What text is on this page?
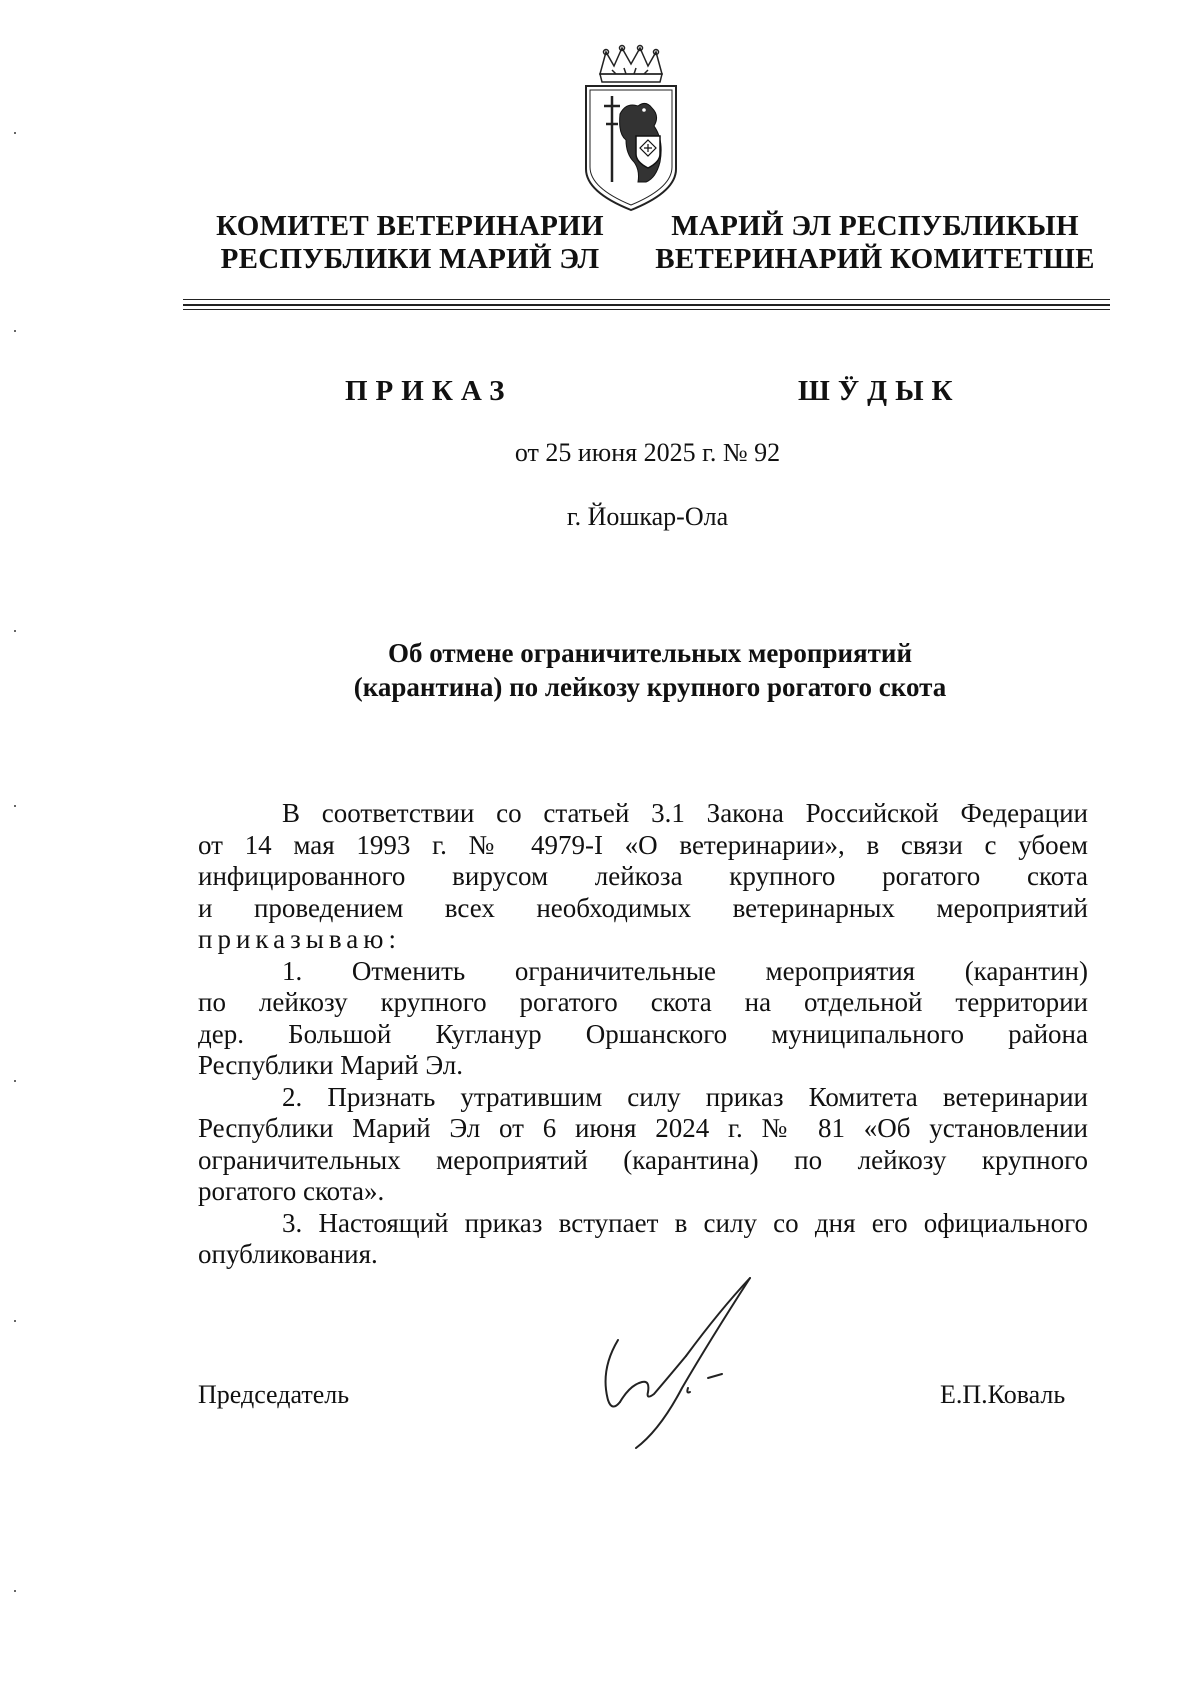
КОМИТЕТ ВЕТЕРИНАРИИ
РЕСПУБЛИКИ МАРИЙ ЭЛ
МАРИЙ ЭЛ РЕСПУБЛИКЫН
ВЕТЕРИНАРИЙ КОМИТЕТШЕ
ПРИКАЗ	ШӰДЫК
от 25 июня 2025 г. № 92
г. Йошкар-Ола
Об отмене ограничительных мероприятий
(карантина) по лейкозу крупного рогатого скота

В соответствии со статьей 3.1 Закона Российской Федерации

от 14 мая 1993 г. № 4979-I «О ветеринарии», в связи с убоем

инфицированного вирусом лейкоза крупного рогатого скота

и проведением всех необходимых ветеринарных мероприятий

приказываю:

1. Отменить ограничительные мероприятия (карантин)

по лейкозу крупного рогатого скота на отдельной территории

дер. Большой Кугланур Оршанского муниципального района

Республики Марий Эл.

2. Признать утратившим силу приказ Комитета ветеринарии

Республики Марий Эл от 6 июня 2024 г. № 81 «Об установлении

ограничительных мероприятий (карантина) по лейкозу крупного

рогатого скота».

3. Настоящий приказ вступает в силу со дня его официального

опубликования.

Председатель	Е.П.Коваль
